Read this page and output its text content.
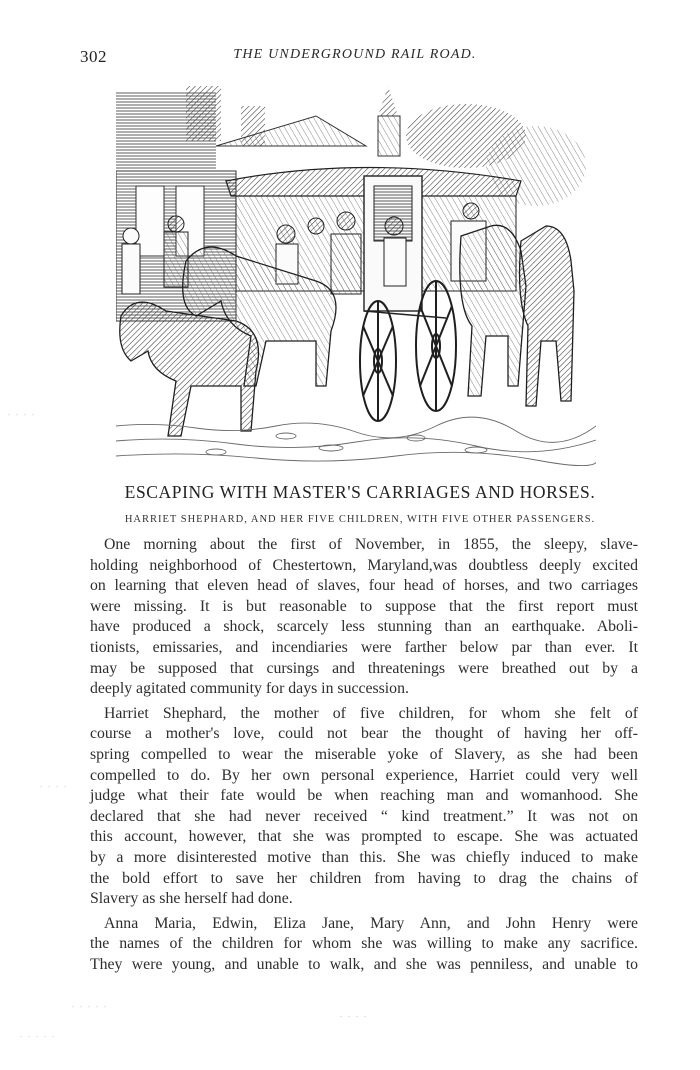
302	THE UNDERGROUND RAIL ROAD.
ESCAPING WITH MASTER'S CARRIAGES AND HORSES.
HARRIET SHEPHARD, AND HER FIVE CHILDREN, WITH FIVE OTHER PASSENGERS.

One morning about the first of November, in 1855, the sleepy, slave-
holding neighborhood of Chestertown, Maryland,was doubtless deeply excited
on learning that eleven head of slaves, four head of horses, and two carriages
were missing. It is but reasonable to suppose that the first report must
have produced a shock, scarcely less stunning than an earthquake. Aboli-
tionists, emissaries, and incendiaries were farther below par than ever. It
may be supposed that cursings and threatenings were breathed out by a
deeply agitated community for days in succession.

Harriet Shephard, the mother of five children, for whom she felt of
course a mother's love, could not bear the thought of having her off-
spring compelled to wear the miserable yoke of Slavery, as she had been
compelled to do. By her own personal experience, Harriet could very well
judge what their fate would be when reaching man and womanhood. She
declared that she had never received “ kind treatment.” It was not on
this account, however, that she was prompted to escape. She was actuated
by a more disinterested motive than this. She was chiefly induced to make
the bold effort to save her children from having to drag the chains of
Slavery as she herself had done.

Anna Maria, Edwin, Eliza Jane, Mary Ann, and John Henry were
the names of the children for whom she was willing to make any sacrifice.
They were young, and unable to walk, and she was penniless, and unable to

. . . .
. . . .
. . . . .
. . . .
. . . . .
